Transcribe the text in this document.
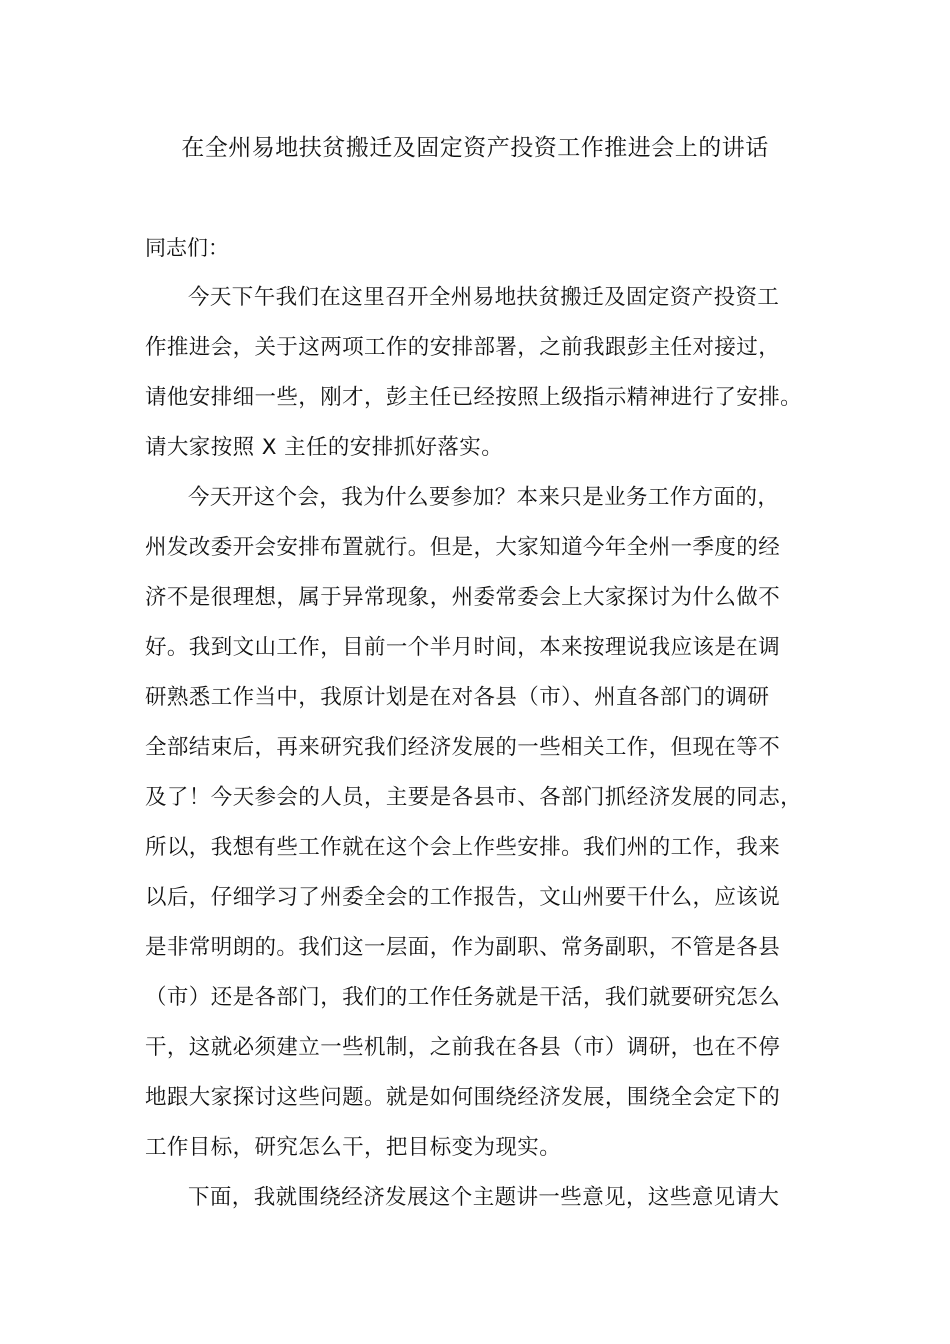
在全州易地扶贫搬迁及固定资产投资工作推进会上的讲话
同志们：
今天下午我们在这里召开全州易地扶贫搬迁及固定资产投资工
作推进会，关于这两项工作的安排部署，之前我跟彭主任对接过，
请他安排细一些，刚才，彭主任已经按照上级指示精神进行了安排。
请大家按照 X 主任的安排抓好落实。
今天开这个会，我为什么要参加？本来只是业务工作方面的，
州发改委开会安排布置就行。但是，大家知道今年全州一季度的经
济不是很理想，属于异常现象，州委常委会上大家探讨为什么做不
好。我到文山工作，目前一个半月时间，本来按理说我应该是在调
研熟悉工作当中，我原计划是在对各县（市）、州直各部门的调研
全部结束后，再来研究我们经济发展的一些相关工作，但现在等不
及了！今天参会的人员，主要是各县市、各部门抓经济发展的同志，
所以，我想有些工作就在这个会上作些安排。我们州的工作，我来
以后，仔细学习了州委全会的工作报告，文山州要干什么，应该说
是非常明朗的。我们这一层面，作为副职、常务副职，不管是各县
（市）还是各部门，我们的工作任务就是干活，我们就要研究怎么
干，这就必须建立一些机制，之前我在各县（市）调研，也在不停
地跟大家探讨这些问题。就是如何围绕经济发展，围绕全会定下的
工作目标，研究怎么干，把目标变为现实。
下面，我就围绕经济发展这个主题讲一些意见，这些意见请大
